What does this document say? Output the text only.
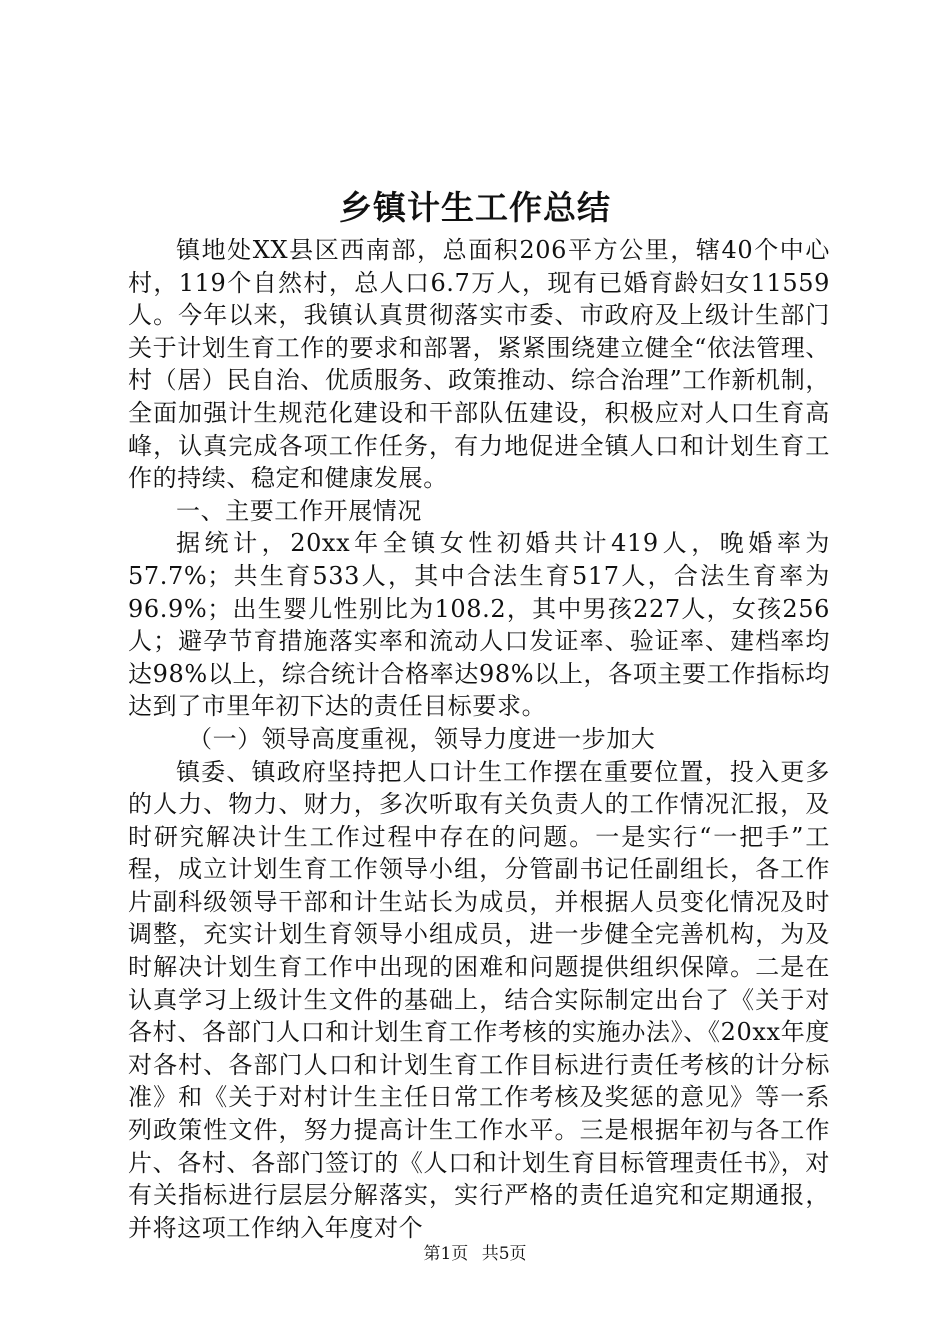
乡镇计生工作总结

镇地处XX县区西南部，总面积206平方公里，辖40个中心村，119个自然村，总人口6.7万人，现有已婚育龄妇女11559人。今年以来，我镇认真贯彻落实市委、市政府及上级计生部门关于计划生育工作的要求和部署，紧紧围绕建立健全“依法管理、村（居）民自治、优质服务、政策推动、综合治理”工作新机制，全面加强计生规范化建设和干部队伍建设，积极应对人口生育高峰，认真完成各项工作任务，有力地促进全镇人口和计划生育工作的持续、稳定和健康发展。

一、主要工作开展情况

据统计，20xx年全镇女性初婚共计419人，晚婚率为57.7%；共生育533人，其中合法生育517人，合法生育率为96.9%；出生婴儿性别比为108.2，其中男孩227人，女孩256人；避孕节育措施落实率和流动人口发证率、验证率、建档率均达98%以上，综合统计合格率达98%以上，各项主要工作指标均达到了市里年初下达的责任目标要求。

（一）领导高度重视，领导力度进一步加大

镇委、镇政府坚持把人口计生工作摆在重要位置，投入更多的人力、物力、财力，多次听取有关负责人的工作情况汇报，及时研究解决计生工作过程中存在的问题。一是实行“一把手”工程，成立计划生育工作领导小组，分管副书记任副组长，各工作片副科级领导干部和计生站长为成员，并根据人员变化情况及时调整，充实计划生育领导小组成员，进一步健全完善机构，为及时解决计划生育工作中出现的困难和问题提供组织保障。二是在认真学习上级计生文件的基础上，结合实际制定出台了《关于对各村、各部门人口和计划生育工作考核的实施办法》、《20xx年度对各村、各部门人口和计划生育工作目标进行责任考核的计分标准》和《关于对村计生主任日常工作考核及奖惩的意见》等一系列政策性文件，努力提高计生工作水平。三是根据年初与各工作片、各村、各部门签订的《人口和计划生育目标管理责任书》，对有关指标进行层层分解落实，实行严格的责任追究和定期通报，并将这项工作纳入年度对个

第1页 共5页
